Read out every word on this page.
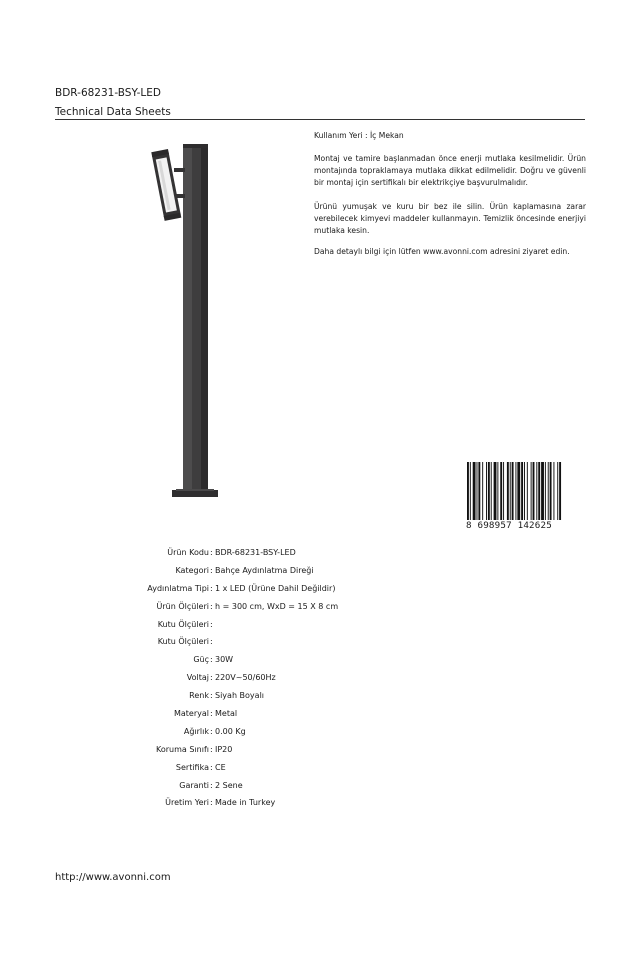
BDR-68231-BSY-LED
Technical Data Sheets

Kullanım Yeri : İç Mekan

Montaj ve tamire başlanmadan önce enerji mutlaka kesilmelidir. Ürün montajında topraklamaya mutlaka dikkat edilmelidir. Doğru ve güvenli bir montaj için sertifikalı bir elektrikçiye başvurulmalıdır.

Ürünü yumuşak ve kuru bir bez ile silin. Ürün kaplamasına zarar verebilecek kimyevi maddeler kullanmayın. Temizlik öncesinde enerjiyi mutlaka kesin.

Daha detaylı bilgi için lütfen www.avonni.com adresini ziyaret edin.

8 698957 142625
Ürün Kodu : BDR-68231-BSY-LED
Kategori : Bahçe Aydınlatma Direği
Aydınlatma Tipi : 1 x LED (Ürüne Dahil Değildir)
Ürün Ölçüleri : h = 300 cm, WxD = 15 X 8 cm
Kutu Ölçüleri :
Kutu Ölçüleri :
Güç : 30W
Voltaj : 220V~50/60Hz
Renk : Siyah Boyalı
Materyal : Metal
Ağırlık : 0.00 Kg
Koruma Sınıfı : IP20
Sertifika : CE
Garanti : 2 Sene
Üretim Yeri : Made in Turkey
http://www.avonni.com
